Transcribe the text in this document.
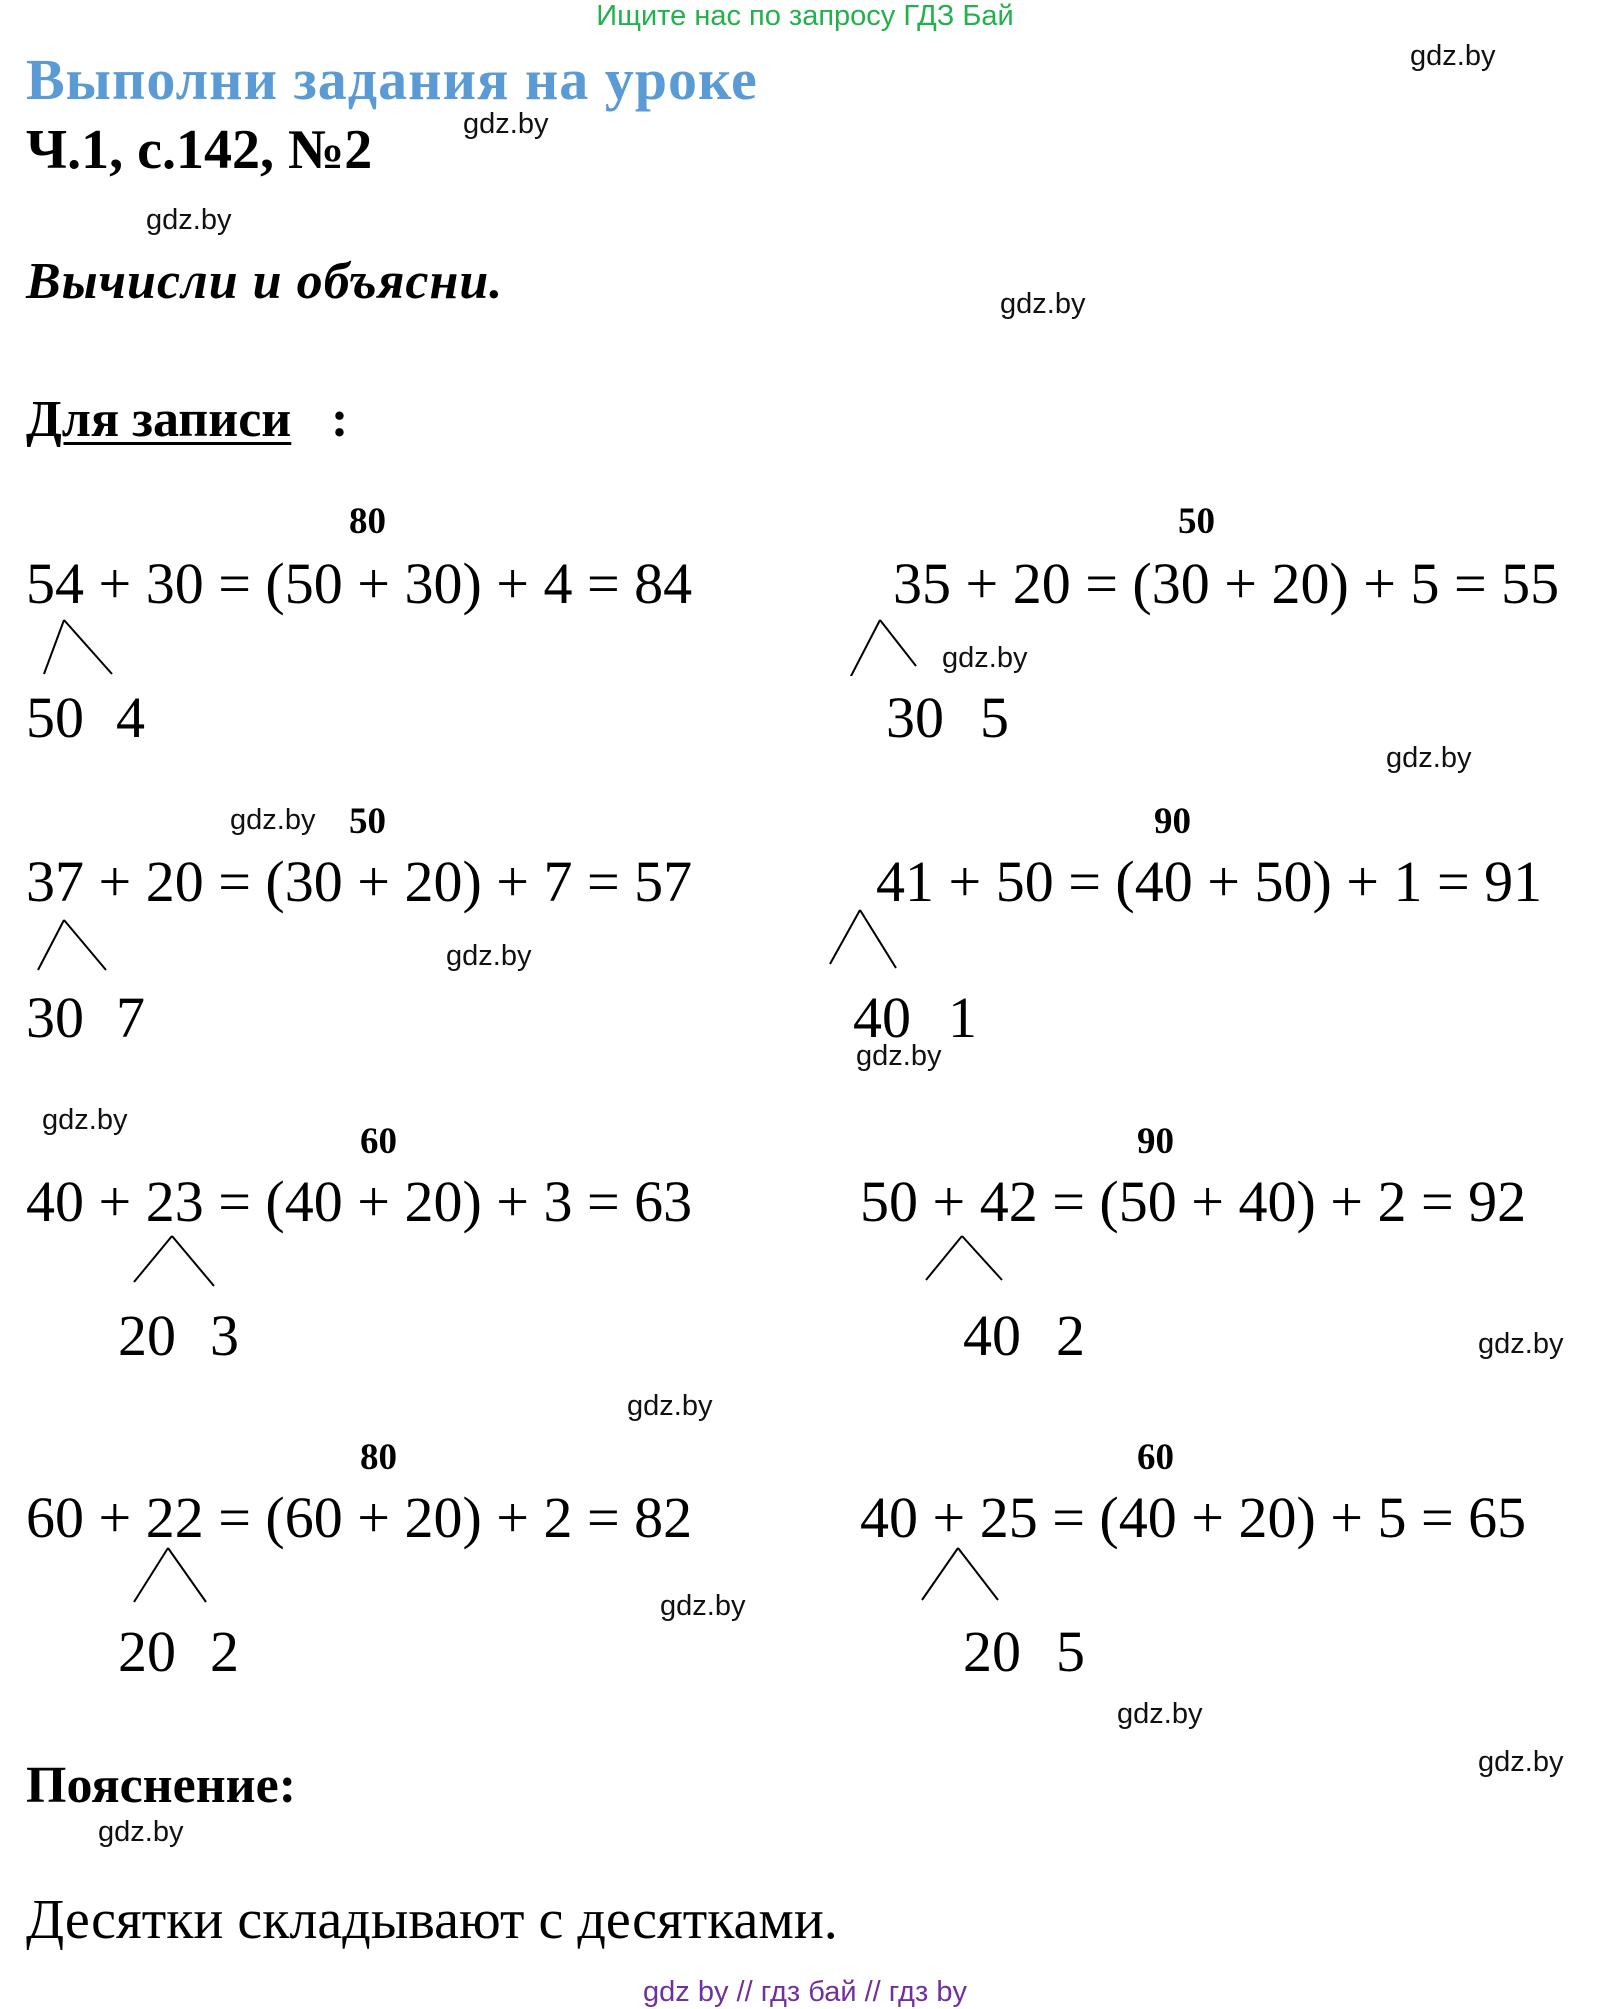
Ищите нас по запросу ГДЗ Бай
Выполни задания на уроке
Ч.1, с.142, №2
Вычисли и объясни.
Для записи :
80
54 + 30 = (50 + 30) + 4 = 84
50 4
50
35 + 20 = (30 + 20) + 5 = 55
30 5
50
37 + 20 = (30 + 20) + 7 = 57
30 7
90
41 + 50 = (40 + 50) + 1 = 91
40 1
60
40 + 23 = (40 + 20) + 3 = 63
20 3
90
50 + 42 = (50 + 40) + 2 = 92
40 2
80
60 + 22 = (60 + 20) + 2 = 82
20 2
60
40 + 25 = (40 + 20) + 5 = 65
20 5
Пояснение:
Десятки складывают с десятками.
gdz.by
gdz.by
gdz.by
gdz.by
gdz.by
gdz.by
gdz.by
gdz.by
gdz.by
gdz.by
gdz.by
gdz.by
gdz.by
gdz.by
gdz.by
gdz.by
gdz by // гдз бай // гдз by
